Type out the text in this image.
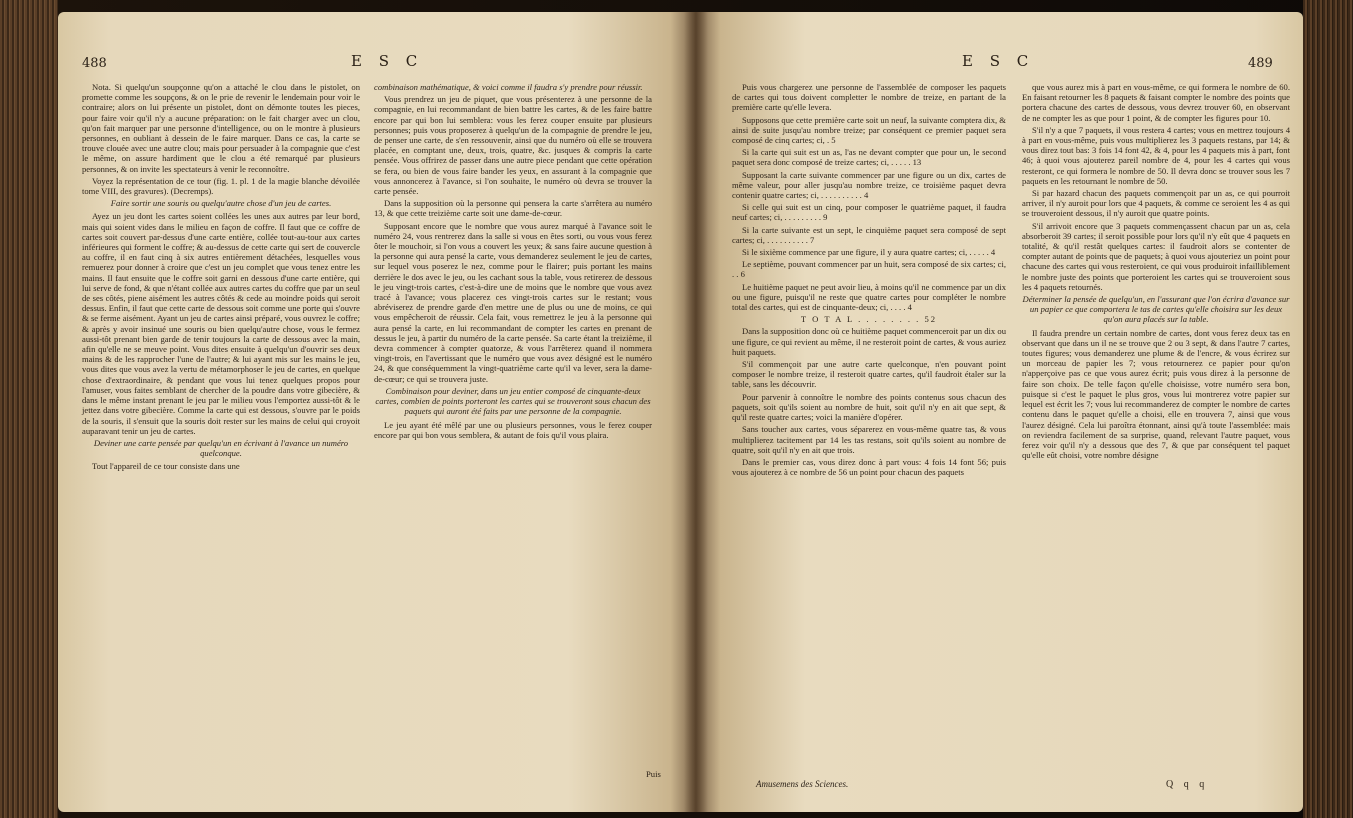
488	E S C

Nota. Si quelqu'un soupçonne qu'on a attaché le clou dans le pistolet, on promette comme les soupçons, & on le prie de revenir le lendemain pour voir le contraire; alors on lui présente un pistolet, dont on démonte toutes les pieces, pour faire voir qu'il n'y a aucune préparation: on le fait charger avec un clou, qu'on fait marquer par une personne d'intelligence, ou on le montre à plusieurs personnes, en oubliant à dessein de le faire marquer. Dans ce cas, la carte se trouve clouée avec une autre clou; mais pour persuader à la compagnie que c'est le même, on assure hardiment que le clou a été remarqué par plusieurs personnes, & on invite les spectateurs à venir le reconnoître.

Voyez la représentation de ce tour (fig. 1. pl. 1 de la magie blanche dévoilée tome VIII, des gravures). (Decremps).

Faire sortir une souris ou quelqu'autre chose d'un jeu de cartes.

Ayez un jeu dont les cartes soient collées les unes aux autres par leur bord, mais qui soient vides dans le milieu en façon de coffre. Il faut que ce coffre de cartes soit couvert par-dessus d'une carte entière, collée tout-au-tour aux cartes inférieures qui forment le coffre; & au-dessus de cette carte qui sert de couvercle au coffre, il en faut cinq à six autres entièrement détachées, lesquelles vous remuerez pour donner à croire que c'est un jeu complet que vous tenez entre les mains. Il faut ensuite que le coffre soit garni en dessous d'une carte entière, qui lui serve de fond, & que n'étant collée aux autres cartes du coffre que par un seul de ses côtés, piene aisément les autres côtés & cede au moindre poids qui seroit dessus. Enfin, il faut que cette carte de dessous soit comme une porte qui s'ouvre & se ferme aisément. Ayant un jeu de cartes ainsi préparé, vous ouvrez le coffre; & après y avoir insinué une souris ou bien quelqu'autre chose, vous le fermez aussi-tôt prenant bien garde de tenir toujours la carte de dessous avec la main, afin qu'elle ne se meuve point. Vous dites ensuite à quelqu'un d'ouvrir ses deux mains & de les rapprocher l'une de l'autre; & lui ayant mis sur les mains le jeu, vous dites que vous avez la vertu de métamorphoser le jeu de cartes, en quelque chose d'extraordinaire, & pendant que vous lui tenez quelques propos pour l'amuser, vous faites semblant de chercher de la poudre dans votre gibecière, & dans le même instant prenant le jeu par le milieu vous l'emportez aussi-tôt & le jettez dans votre gibecière. Comme la carte qui est dessous, s'ouvre par le poids de la souris, il s'ensuit que la souris doit rester sur les mains de celui qui croyoit auparavant tenir un jeu de cartes.

Deviner une carte pensée par quelqu'un en écrivant à l'avance un numéro quelconque.

Tout l'appareil de ce tour consiste dans une

combinaison mathématique, & voici comme il faudra s'y prendre pour réussir.

Vous prendrez un jeu de piquet, que vous présenterez à une personne de la compagnie, en lui recommandant de bien battre les cartes, & de les faire battre encore par qui bon lui semblera: vous les ferez couper ensuite par plusieurs personnes; puis vous proposerez à quelqu'un de la compagnie de prendre le jeu, de penser une carte, de s'en ressouvenir, ainsi que du numéro où elle se trouvera placée, en comptant une, deux, trois, quatre, &c. jusques & compris la carte pensée. Vous offrirez de passer dans une autre piece pendant que cette opération se fera, ou bien de vous faire bander les yeux, en assurant à la compagnie que vous annoncerez à l'avance, si l'on souhaite, le numéro où devra se trouver la carte pensée.

Dans la supposition où la personne qui pensera la carte s'arrêtera au numéro 13, & que cette treizième carte soit une dame-de-cœur.

Supposant encore que le nombre que vous aurez marqué à l'avance soit le numéro 24, vous rentrerez dans la salle si vous en êtes sorti, ou vous vous ferez ôter le mouchoir, si l'on vous a couvert les yeux; & sans faire aucune question à la personne qui aura pensé la carte, vous demanderez seulement le jeu de cartes, sur lequel vous poserez le nez, comme pour le flairer; puis portant les mains derrière le dos avec le jeu, ou les cachant sous la table, vous retirerez de dessous le jeu vingt-trois cartes, c'est-à-dire une de moins que le nombre que vous avez tracé à l'avance; vous placerez ces vingt-trois cartes sur le restant; vous abréviserez de prendre garde d'en mettre une de plus ou une de moins, ce qui vous empêcheroit de réussir. Cela fait, vous remettrez le jeu à la personne qui aura pensé la carte, en lui recommandant de compter les cartes en prenant de dessus le jeu, à partir du numéro de la carte pensée. Sa carte étant la treizième, il devra commencer à compter quatorze, & vous l'arrêterez quand il nommera vingt-trois, en l'avertissant que le numéro que vous avez désigné est le numéro 24, & que conséquemment la vingt-quatrième carte qu'il va lever, sera la dame-de-cœur; ce qui se trouvera juste.

Combinaison pour deviner, dans un jeu entier composé de cinquante-deux cartes, combien de points porteront les cartes qui se trouveront sous chacun des paquets qui auront été faits par une personne de la compagnie.

Le jeu ayant été mêlé par une ou plusieurs personnes, vous le ferez couper encore par qui bon vous semblera, & autant de fois qu'il vous plaira.

Puis
E S C	489

Puis vous chargerez une personne de l'assemblée de composer les paquets de cartes qui tous doivent completter le nombre de treize, en partant de la première carte qu'elle levera.

Supposons que cette première carte soit un neuf, la suivante comptera dix, & ainsi de suite jusqu'au nombre treize; par conséquent ce premier paquet sera composé de cinq cartes; ci, . 5

Si la carte qui suit est un as, l'as ne devant compter que pour un, le second paquet sera donc composé de treize cartes; ci, . . . . . 13

Supposant la carte suivante commencer par une figure ou un dix, cartes de même valeur, pour aller jusqu'au nombre treize, ce troisième paquet devra contenir quatre cartes; ci, . . . . . . . . . . 4

Si celle qui suit est un cinq, pour composer le quatrième paquet, il faudra neuf cartes; ci, . . . . . . . . . 9

Si la carte suivante est un sept, le cinquième paquet sera composé de sept cartes; ci, . . . . . . . . . . 7

Si le sixième commence par une figure, il y aura quatre cartes; ci, . . . . . 4

Le septième, pouvant commencer par un huit, sera composé de six cartes; ci, . . 6

Le huitième paquet ne peut avoir lieu, à moins qu'il ne commence par un dix ou une figure, puisqu'il ne reste que quatre cartes pour compléter le nombre total des cartes, qui est de cinquante-deux; ci, . . . . 4

T O T A L . . . . . . . . 52

Dans la supposition donc où ce huitième paquet commenceroit par un dix ou une figure, ce qui revient au même, il ne resteroit point de cartes, & vous auriez huit paquets.

S'il commençoit par une autre carte quelconque, n'en pouvant point composer le nombre treize, il resteroit quatre cartes, qu'il faudroit étaler sur la table, sans les découvrir.

Pour parvenir à connoître le nombre des points contenus sous chacun des paquets, soit qu'ils soient au nombre de huit, soit qu'il n'y en ait que sept, & qu'il reste quatre cartes; voici la manière d'opérer.

Sans toucher aux cartes, vous séparerez en vous-même quatre tas, & vous multiplierez tacitement par 14 les tas restans, soit qu'ils soient au nombre de quatre, soit qu'il n'y en ait que trois.

Dans le premier cas, vous direz donc à part vous: 4 fois 14 font 56; puis vous ajouterez à ce nombre de 56 un point pour chacun des paquets

que vous aurez mis à part en vous-même, ce qui formera le nombre de 60. En faisant retourner les 8 paquets & faisant compter le nombre des points que portera chacune des cartes de dessous, vous devrez trouver 60, en observant de ne compter les as que pour 1 point, & de compter les figures pour 10.

S'il n'y a que 7 paquets, il vous restera 4 cartes; vous en mettrez toujours 4 à part en vous-même, puis vous multiplierez les 3 paquets restans, par 14; & vous direz tout bas: 3 fois 14 font 42, & 4, pour les 4 paquets mis à part, font 46; à quoi vous ajouterez pareil nombre de 4, pour les 4 cartes qui vous resteront, ce qui formera le nombre de 50. Il devra donc se trouver sous les 7 paquets en les retournant le nombre de 50.

Si par hazard chacun des paquets commençoit par un as, ce qui pourroit arriver, il n'y auroit pour lors que 4 paquets, & comme ce seroient les 4 as qui se trouveroient dessous, il n'y auroit que quatre points.

S'il arrivoit encore que 3 paquets commençassent chacun par un as, cela absorberoit 39 cartes; il seroit possible pour lors qu'il n'y eût que 4 paquets en totalité, & qu'il restât quelques cartes: il faudroit alors se contenter de compter autant de points que de paquets; à quoi vous ajouteriez un point pour chacune des cartes qui vous resteroient, ce qui vous produiroit infailliblement le nombre juste des points que porteroient les cartes qui se trouveroient sous les 4 paquets retournés.

Déterminer la pensée de quelqu'un, en l'assurant que l'on écrira d'avance sur un papier ce que comportera le tas de cartes qu'elle choisira sur les deux qu'on aura placés sur la table.

Il faudra prendre un certain nombre de cartes, dont vous ferez deux tas en observant que dans un il ne se trouve que 2 ou 3 sept, & dans l'autre 7 cartes, toutes figures; vous demanderez une plume & de l'encre, & vous écrirez sur un morceau de papier les 7; vous retournerez ce papier pour qu'on n'apperçoive pas ce que vous aurez écrit; puis vous direz à la personne de faire son choix. De telle façon qu'elle choisisse, votre numéro sera bon, puisque si c'est le paquet le plus gros, vous lui montrerez votre papier sur lequel est écrit les 7; vous lui recommanderez de compter le nombre de cartes contenu dans le paquet qu'elle a choisi, elle en trouvera 7, ainsi que vous l'aurez désigné. Cela lui paroîtra étonnant, ainsi qu'à toute l'assemblée: mais on reviendra facilement de sa surprise, quand, relevant l'autre paquet, vous ferez voir qu'il n'y a dessous que des 7, & que par conséquent tel paquet qu'elle eût choisi, votre nombre désigne

Amusemens des Sciences.	Q q q
